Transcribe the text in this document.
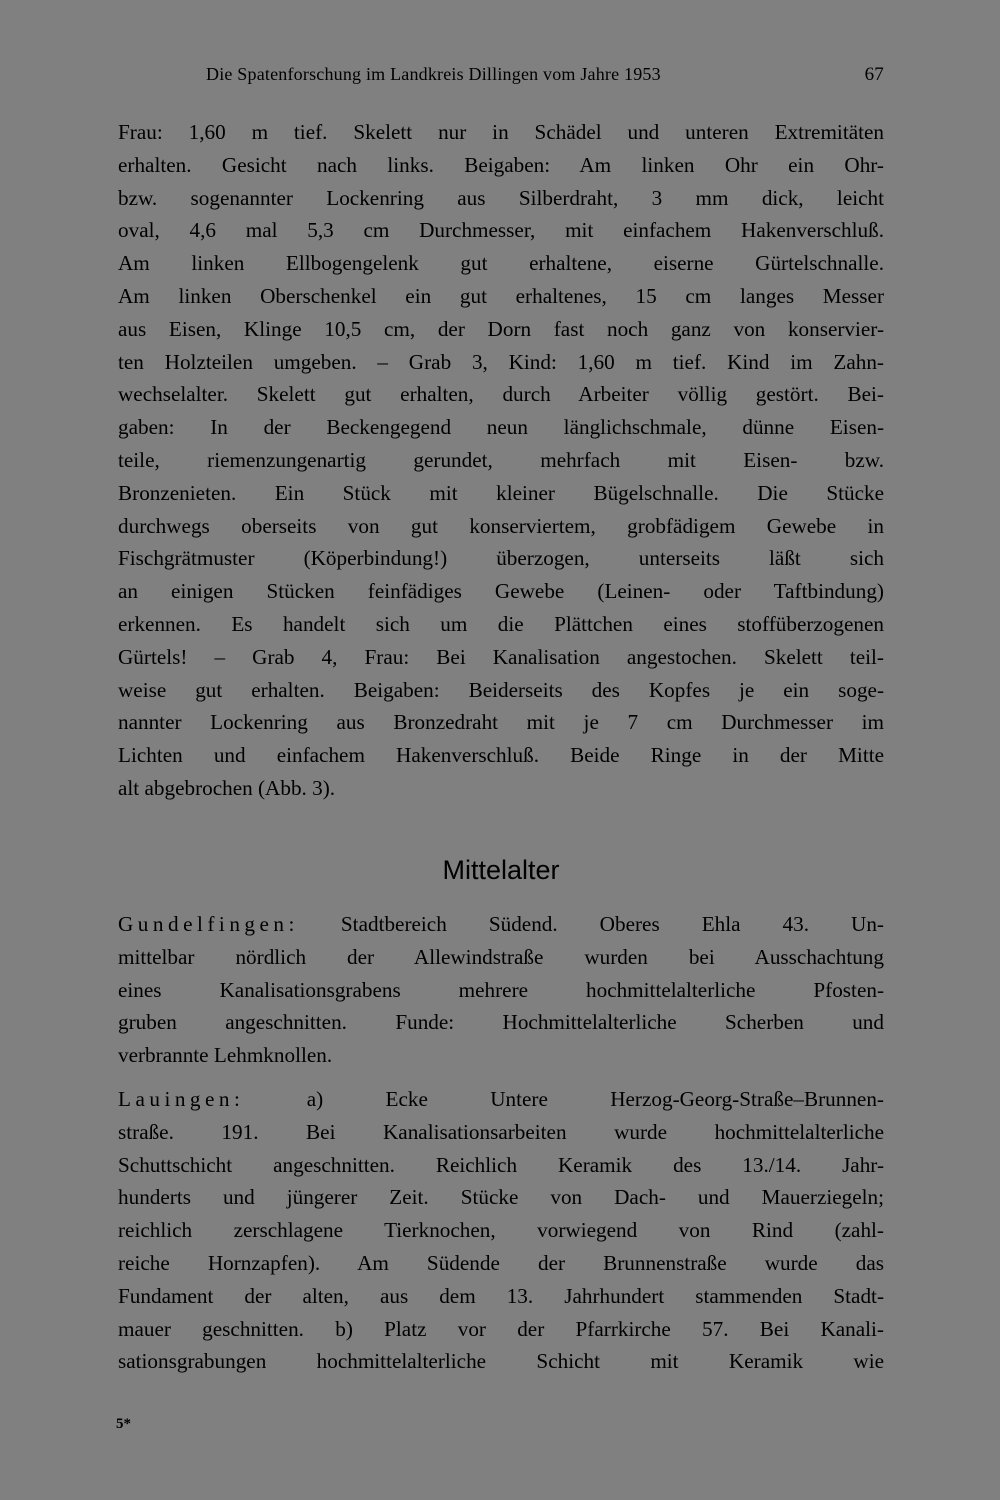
Die Spatenforschung im Landkreis Dillingen vom Jahre 1953	67
Frau: 1,60 m tief. Skelett nur in Schädel und unteren Extremitäten
erhalten. Gesicht nach links. Beigaben: Am linken Ohr ein Ohr-
bzw. sogenannter Lockenring aus Silberdraht, 3 mm dick, leicht
oval, 4,6 mal 5,3 cm Durchmesser, mit einfachem Hakenverschluß.
Am linken Ellbogengelenk gut erhaltene, eiserne Gürtelschnalle.
Am linken Oberschenkel ein gut erhaltenes, 15 cm langes Messer
aus Eisen, Klinge 10,5 cm, der Dorn fast noch ganz von konservier-
ten Holzteilen umgeben. – Grab 3, Kind: 1,60 m tief. Kind im Zahn-
wechselalter. Skelett gut erhalten, durch Arbeiter völlig gestört. Bei-
gaben: In der Beckengegend neun länglichschmale, dünne Eisen-
teile, riemenzungenartig gerundet, mehrfach mit Eisen- bzw.
Bronzenieten. Ein Stück mit kleiner Bügelschnalle. Die Stücke
durchwegs oberseits von gut konserviertem, grobfädigem Gewebe in
Fischgrätmuster (Köperbindung!) überzogen, unterseits läßt sich
an einigen Stücken feinfädiges Gewebe (Leinen- oder Taftbindung)
erkennen. Es handelt sich um die Plättchen eines stoffüberzogenen
Gürtels! – Grab 4, Frau: Bei Kanalisation angestochen. Skelett teil-
weise gut erhalten. Beigaben: Beiderseits des Kopfes je ein soge-
nannter Lockenring aus Bronzedraht mit je 7 cm Durchmesser im
Lichten und einfachem Hakenverschluß. Beide Ringe in der Mitte
alt abgebrochen (Abb. 3).
Mittelalter
Gundelfingen: Stadtbereich Südend. Oberes Ehla 43. Un-
mittelbar nördlich der Allewindstraße wurden bei Ausschachtung
eines Kanalisationsgrabens mehrere hochmittelalterliche Pfosten-
gruben angeschnitten. Funde: Hochmittelalterliche Scherben und
verbrannte Lehmknollen.
Lauingen: a) Ecke Untere Herzog-Georg-Straße–Brunnen-
straße. 191. Bei Kanalisationsarbeiten wurde hochmittelalterliche
Schuttschicht angeschnitten. Reichlich Keramik des 13./14. Jahr-
hunderts und jüngerer Zeit. Stücke von Dach- und Mauerziegeln;
reichlich zerschlagene Tierknochen, vorwiegend von Rind (zahl-
reiche Hornzapfen). Am Südende der Brunnenstraße wurde das
Fundament der alten, aus dem 13. Jahrhundert stammenden Stadt-
mauer geschnitten. b) Platz vor der Pfarrkirche 57. Bei Kanali-
sationsgrabungen hochmittelalterliche Schicht mit Keramik wie
5*
